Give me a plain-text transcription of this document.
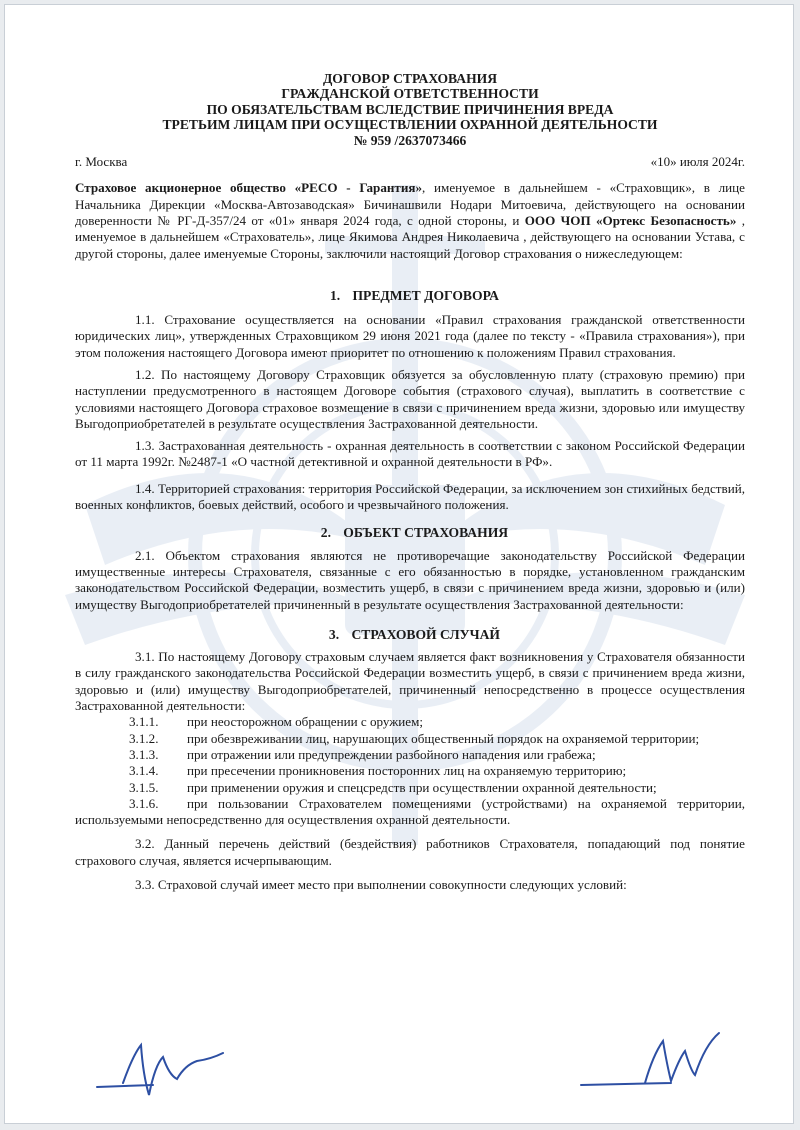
ДОГОВОР СТРАХОВАНИЯ
ГРАЖДАНСКОЙ ОТВЕТСТВЕННОСТИ
ПО ОБЯЗАТЕЛЬСТВАМ ВСЛЕДСТВИЕ ПРИЧИНЕНИЯ ВРЕДА
ТРЕТЬИМ ЛИЦАМ ПРИ ОСУЩЕСТВЛЕНИИ ОХРАННОЙ ДЕЯТЕЛЬНОСТИ
№ 959 /2637073466
г. Москва	«10» июля 2024г.

Страховое акционерное общество «РЕСО - Гарантия», именуемое в дальнейшем - «Страховщик», в лице Начальника Дирекции «Москва-Автозаводская» Бичинашвили Нодари Митоевича, действующего на основании доверенности № РГ-Д-357/24 от «01» января 2024 года, с одной стороны, и ООО ЧОП «Ортекс Безопасность» , именуемое в дальнейшем «Страхователь», лице Якимова Андрея Николаевича , действующего на основании Устава, с другой стороны, далее именуемые Стороны, заключили настоящий Договор страхования о нижеследующем:

1. ПРЕДМЕТ ДОГОВОРА

1.1. Страхование осуществляется на основании «Правил страхования гражданской ответственности юридических лиц», утвержденных Страховщиком 29 июня 2021 года (далее по тексту - «Правила страхования»), при этом положения настоящего Договора имеют приоритет по отношению к положениям Правил страхования.

1.2. По настоящему Договору Страховщик обязуется за обусловленную плату (страховую премию) при наступлении предусмотренного в настоящем Договоре события (страхового случая), выплатить в соответствие с условиями настоящего Договора страховое возмещение в связи с причинением вреда жизни, здоровью или имуществу Выгодоприобретателей в результате осуществления Застрахованной деятельности.

1.3. Застрахованная деятельность - охранная деятельность в соответствии с законом Российской Федерации от 11 марта 1992г. №2487-1 «О частной детективной и охранной деятельности в РФ».

1.4. Территорией страхования: территория Российской Федерации, за исключением зон стихийных бедствий, военных конфликтов, боевых действий, особого и чрезвычайного положения.

2. ОБЪЕКТ СТРАХОВАНИЯ

2.1. Объектом страхования являются не противоречащие законодательству Российской Федерации имущественные интересы Страхователя, связанные с его обязанностью в порядке, установленном гражданским законодательством Российской Федерации, возместить ущерб, в связи с причинением вреда жизни, здоровью и (или) имуществу Выгодоприобретателей причиненный в результате осуществления Застрахованной деятельности:

3. СТРАХОВОЙ СЛУЧАЙ

3.1. По настоящему Договору страховым случаем является факт возникновения у Страхователя обязанности в силу гражданского законодательства Российской Федерации возместить ущерб, в связи с причинением вреда жизни, здоровью и (или) имуществу Выгодоприобретателей, причиненный непосредственно в процессе осуществления Застрахованной деятельности:

3.1.1. при неосторожном обращении с оружием;

3.1.2. при обезвреживании лиц, нарушающих общественный порядок на охраняемой территории;

3.1.3. при отражении или предупреждении разбойного нападения или грабежа;

3.1.4. при пресечении проникновения посторонних лиц на охраняемую территорию;

3.1.5. при применении оружия и спецсредств при осуществлении охранной деятельности;

3.1.6. при пользовании Страхователем помещениями (устройствами) на охраняемой территории, используемыми непосредственно для осуществления охранной деятельности.

3.2. Данный перечень действий (бездействия) работников Страхователя, попадающий под понятие страхового случая, является исчерпывающим.

3.3. Страховой случай имеет место при выполнении совокупности следующих условий:
